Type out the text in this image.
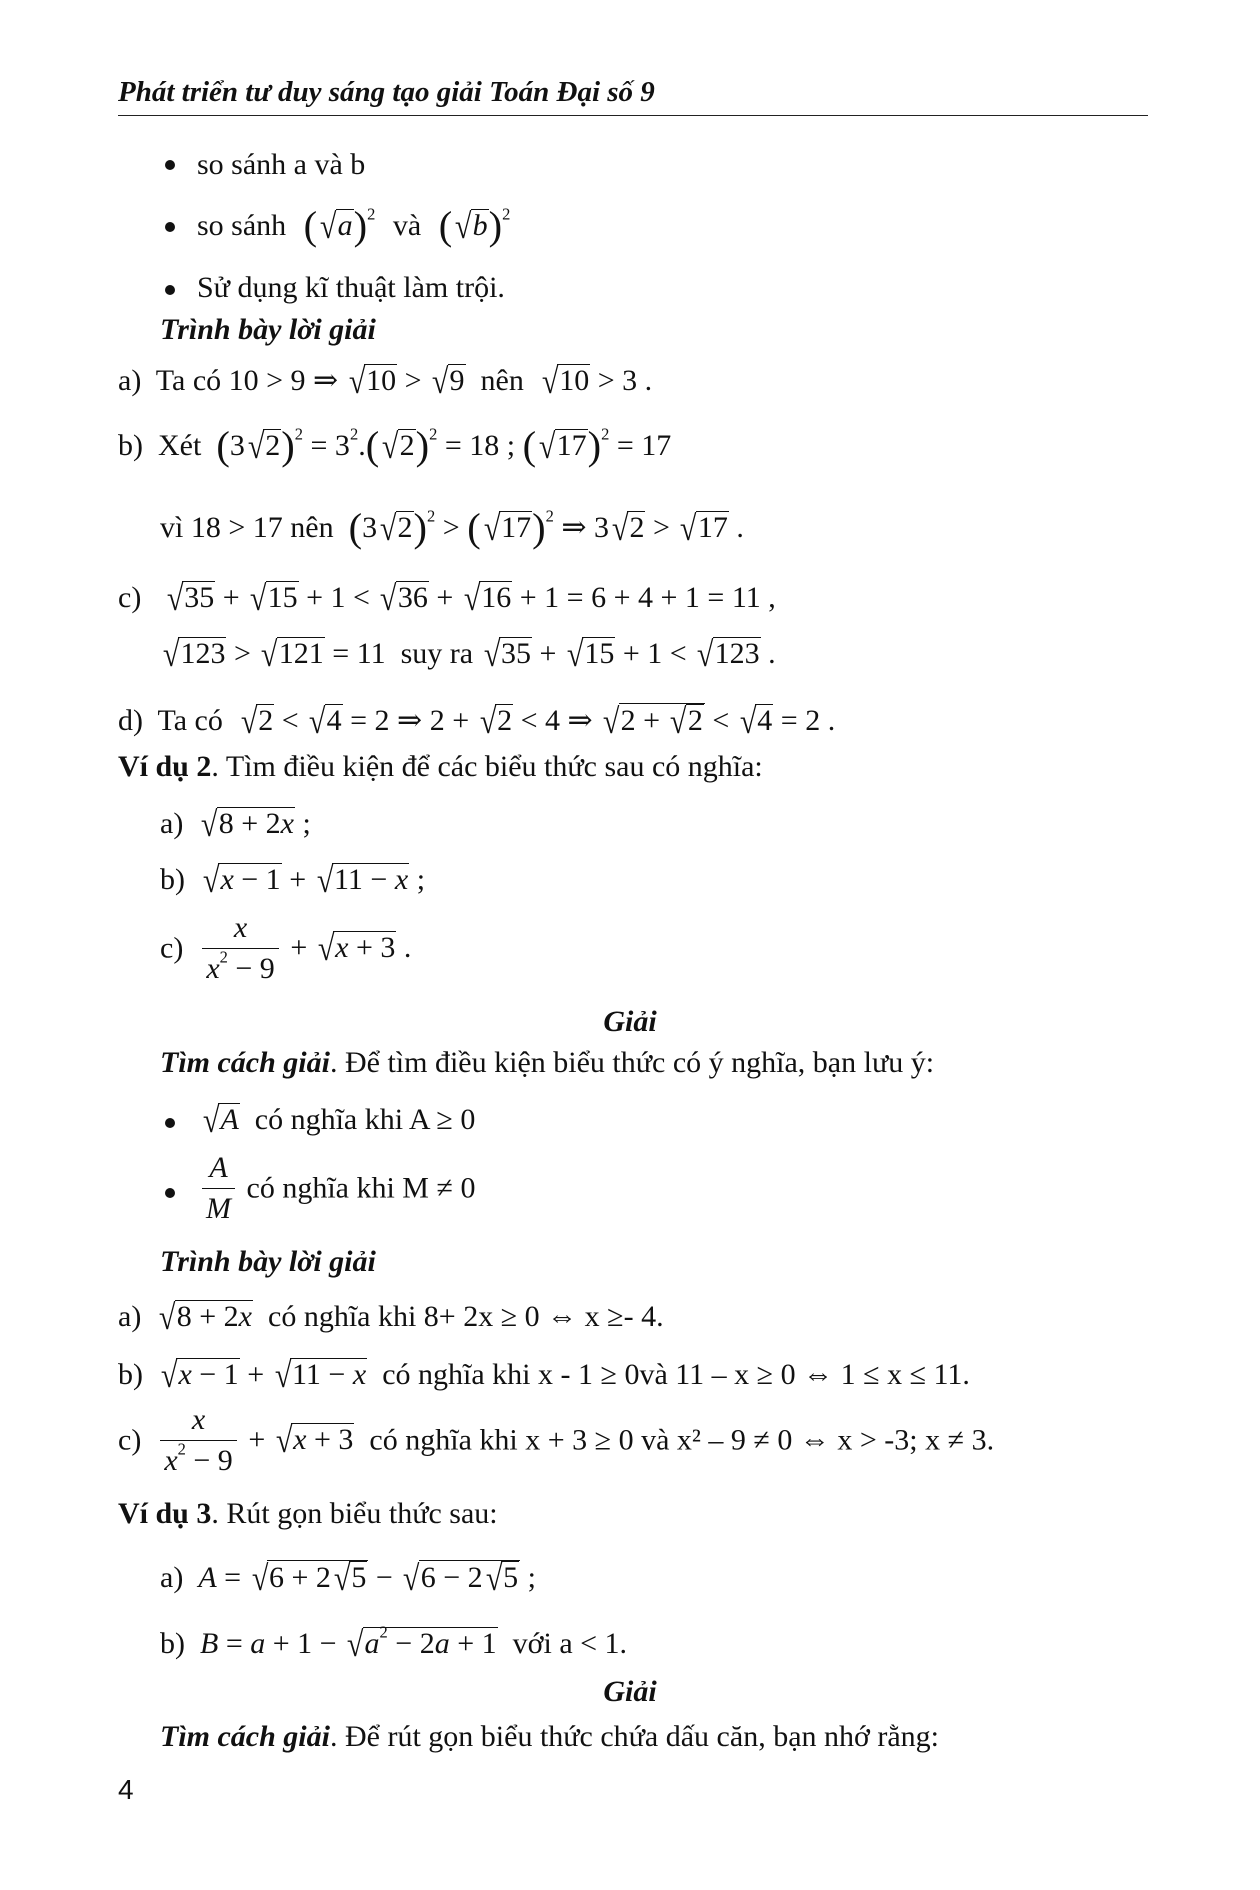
Phát triển tư duy sáng tạo giải Toán Đại số 9
so sánh a và b
so sánh $(√a)^2$ và $(√b)^2$
Sử dụng kĩ thuật làm trội.
Trình bày lời giải
a) Ta có 10 > 9 ⇒ √10 > √9 nên √10 > 3 .
b) Xét $(3√2)^2 = 3^2.(√2)^2 = 18$ ; $(√17)^2 = 17$
vì 18 > 17 nên $(3√2)^2 > (√17)^2$ ⇒ 3√2 > √17 .
c) √35 + √15 + 1 < √36 + √16 + 1 = 6 + 4 + 1 = 11 ,
√123 > √121 = 11 suy ra √35 + √15 + 1 < √123 .
d) Ta có √2 < √4 = 2 ⇒ 2 + √2 < 4 ⇒ √2 + √2 < √4 = 2 .
Ví dụ 2. Tìm điều kiện để các biểu thức sau có nghĩa:
a) √8 + 2x ;
b) √x − 1 + √11 − x ;
$c) \frac{x}{x^2 - 9} + √x + 3$ .
Giải
Tìm cách giải. Để tìm điều kiện biểu thức có ý nghĩa, bạn lưu ý:
√A có nghĩa khi A ≥ 0
$\frac{A}{M}$ có nghĩa khi M ≠ 0
Trình bày lời giải
a) √8 + 2x có nghĩa khi 8+ 2x ≥ 0 ⇔ x ≥- 4.
b) √x − 1 + √11 − x có nghĩa khi x - 1 ≥ 0và 11 – x ≥ 0 ⇔ 1 ≤ x ≤ 11.
$c) \frac{x}{x^2 - 9} + √x + 3$ có nghĩa khi x + 3 ≥ 0 và x² – 9 ≠ 0 ⇔ x > -3; x ≠ 3.
Ví dụ 3. Rút gọn biểu thức sau:
a) A = √6 + 2√5 − √6 − 2√5 ;
b) $B = a + 1 - √a^2 - 2a + 1$ với a < 1.
Giải
Tìm cách giải. Để rút gọn biểu thức chứa dấu căn, bạn nhớ rằng:
4
